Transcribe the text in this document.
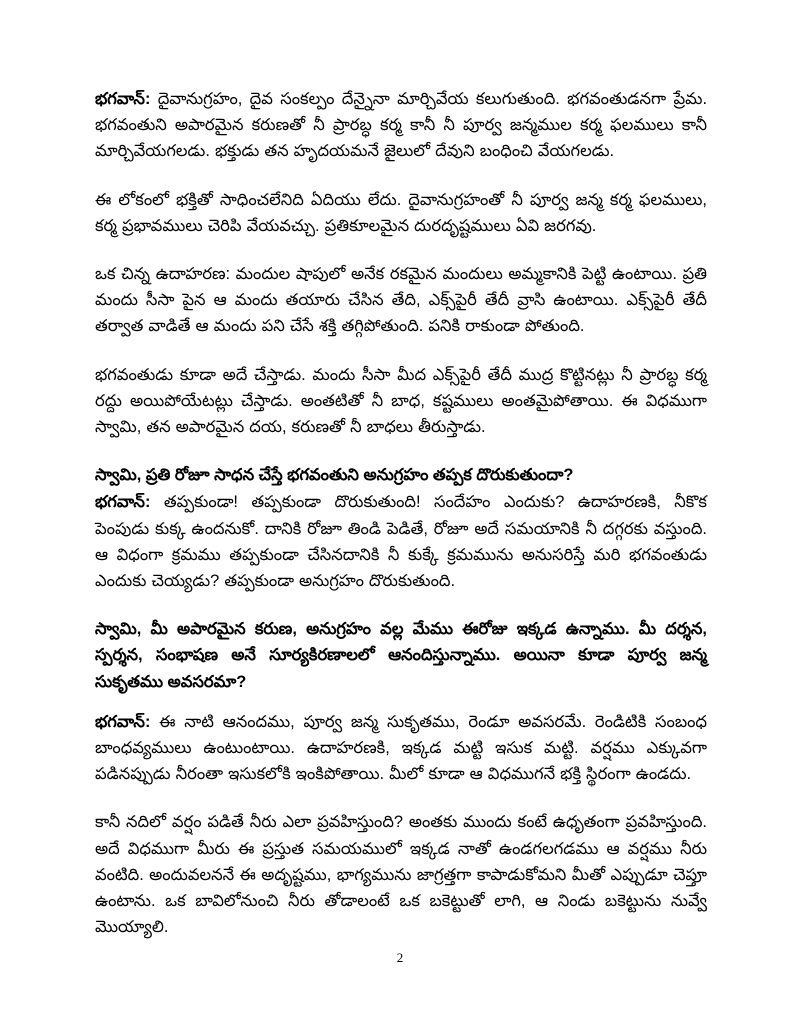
భగవాన్: దైవానుగ్రహం, దైవ సంకల్పం దేన్నైనా మార్చివేయ కలుగుతుంది. భగవంతుడనగా ప్రేమ. భగవంతుని అపారమైన కరుణతో నీ ప్రారబ్ధ కర్మ కానీ నీ పూర్వ జన్మముల కర్మ ఫలములు కానీ మార్చివేయగలడు. భక్తుడు తన హృదయమనే జైలులో దేవుని బంధించి వేయగలడు.

ఈ లోకంలో భక్తితో సాధించలేనిది ఏదియు లేదు. దైవానుగ్రహంతో నీ పూర్వ జన్మ కర్మ ఫలములు, కర్మ ప్రభావములు చెరిపి వేయవచ్చు. ప్రతికూలమైన దురదృష్టములు ఏవి జరగవు.

ఒక చిన్న ఉదాహరణ: మందుల షాపులో అనేక రకమైన మందులు అమ్మకానికి పెట్టి ఉంటాయి. ప్రతి మందు సీసా పైన ఆ మందు తయారు చేసిన తేది, ఎక్స్‌పైరీ తేదీ వ్రాసి ఉంటాయి. ఎక్స్‌పైరీ తేదీ తర్వాత వాడితే ఆ మందు పని చేసే శక్తి తగ్గిపోతుంది. పనికి రాకుండా పోతుంది.

భగవంతుడు కూడా అదే చేస్తాడు. మందు సీసా మీద ఎక్స్‌పైరీ తేదీ ముద్ర కొట్టినట్లు నీ ప్రారబ్ధ కర్మ రద్దు అయిపోయేటట్లు చేస్తాడు. అంతటితో నీ బాధ, కష్టములు అంతమైపోతాయి. ఈ విధముగా స్వామి, తన అపారమైన దయ, కరుణతో నీ బాధలు తీరుస్తాడు.

స్వామి, ప్రతి రోజూ సాధన చేస్తే భగవంతుని అనుగ్రహం తప్పక దొరుకుతుందా?

భగవాన్: తప్పకుండా! తప్పకుండా దొరుకుతుంది! సందేహం ఎందుకు? ఉదాహరణకి, నీకొక పెంపుడు కుక్క ఉందనుకో. దానికి రోజూ తిండి పెడితే, రోజూ అదే సమయానికి నీ దగ్గరకు వస్తుంది. ఆ విధంగా క్రమము తప్పకుండా చేసినదానికి నీ కుక్కే క్రమమును అనుసరిస్తే మరి భగవంతుడు ఎందుకు చెయ్యడు? తప్పకుండా అనుగ్రహం దొరుకుతుంది.

స్వామి, మీ అపారమైన కరుణ, అనుగ్రహం వల్ల మేము ఈరోజు ఇక్కడ ఉన్నాము. మీ దర్శన, స్పర్శన, సంభాషణ అనే సూర్యకిరణాలలో ఆనందిస్తున్నాము. అయినా కూడా పూర్వ జన్మ సుకృతము అవసరమా?

భగవాన్: ఈ నాటి ఆనందము, పూర్వ జన్మ సుకృతము, రెండూ అవసరమే. రెండిటికి సంబంధ బాంధవ్యములు ఉంటుంటాయి. ఉదాహరణకి, ఇక్కడ మట్టి ఇసుక మట్టి. వర్షము ఎక్కువగా పడినప్పుడు నీరంతా ఇసుకలోకి ఇంకిపోతాయి. మీలో కూడా ఆ విధముగనే భక్తి స్థిరంగా ఉండదు.

కానీ నదిలో వర్షం పడితే నీరు ఎలా ప్రవహిస్తుంది? అంతకు ముందు కంటే ఉధృతంగా ప్రవహిస్తుంది. అదే విధముగా మీరు ఈ ప్రస్తుత సమయములో ఇక్కడ నాతో ఉండగలగడము ఆ వర్షము నీరు వంటిది. అందువలననే ఈ అదృష్టము, భాగ్యమును జాగ్రత్తగా కాపాడుకోమని మీతో ఎప్పుడూ చెప్తూ ఉంటాను. ఒక బావిలోనుంచి నీరు తోడాలంటే ఒక బకెట్టుతో లాగి, ఆ నిండు బకెట్టును నువ్వే మొయ్యాలి.

2
